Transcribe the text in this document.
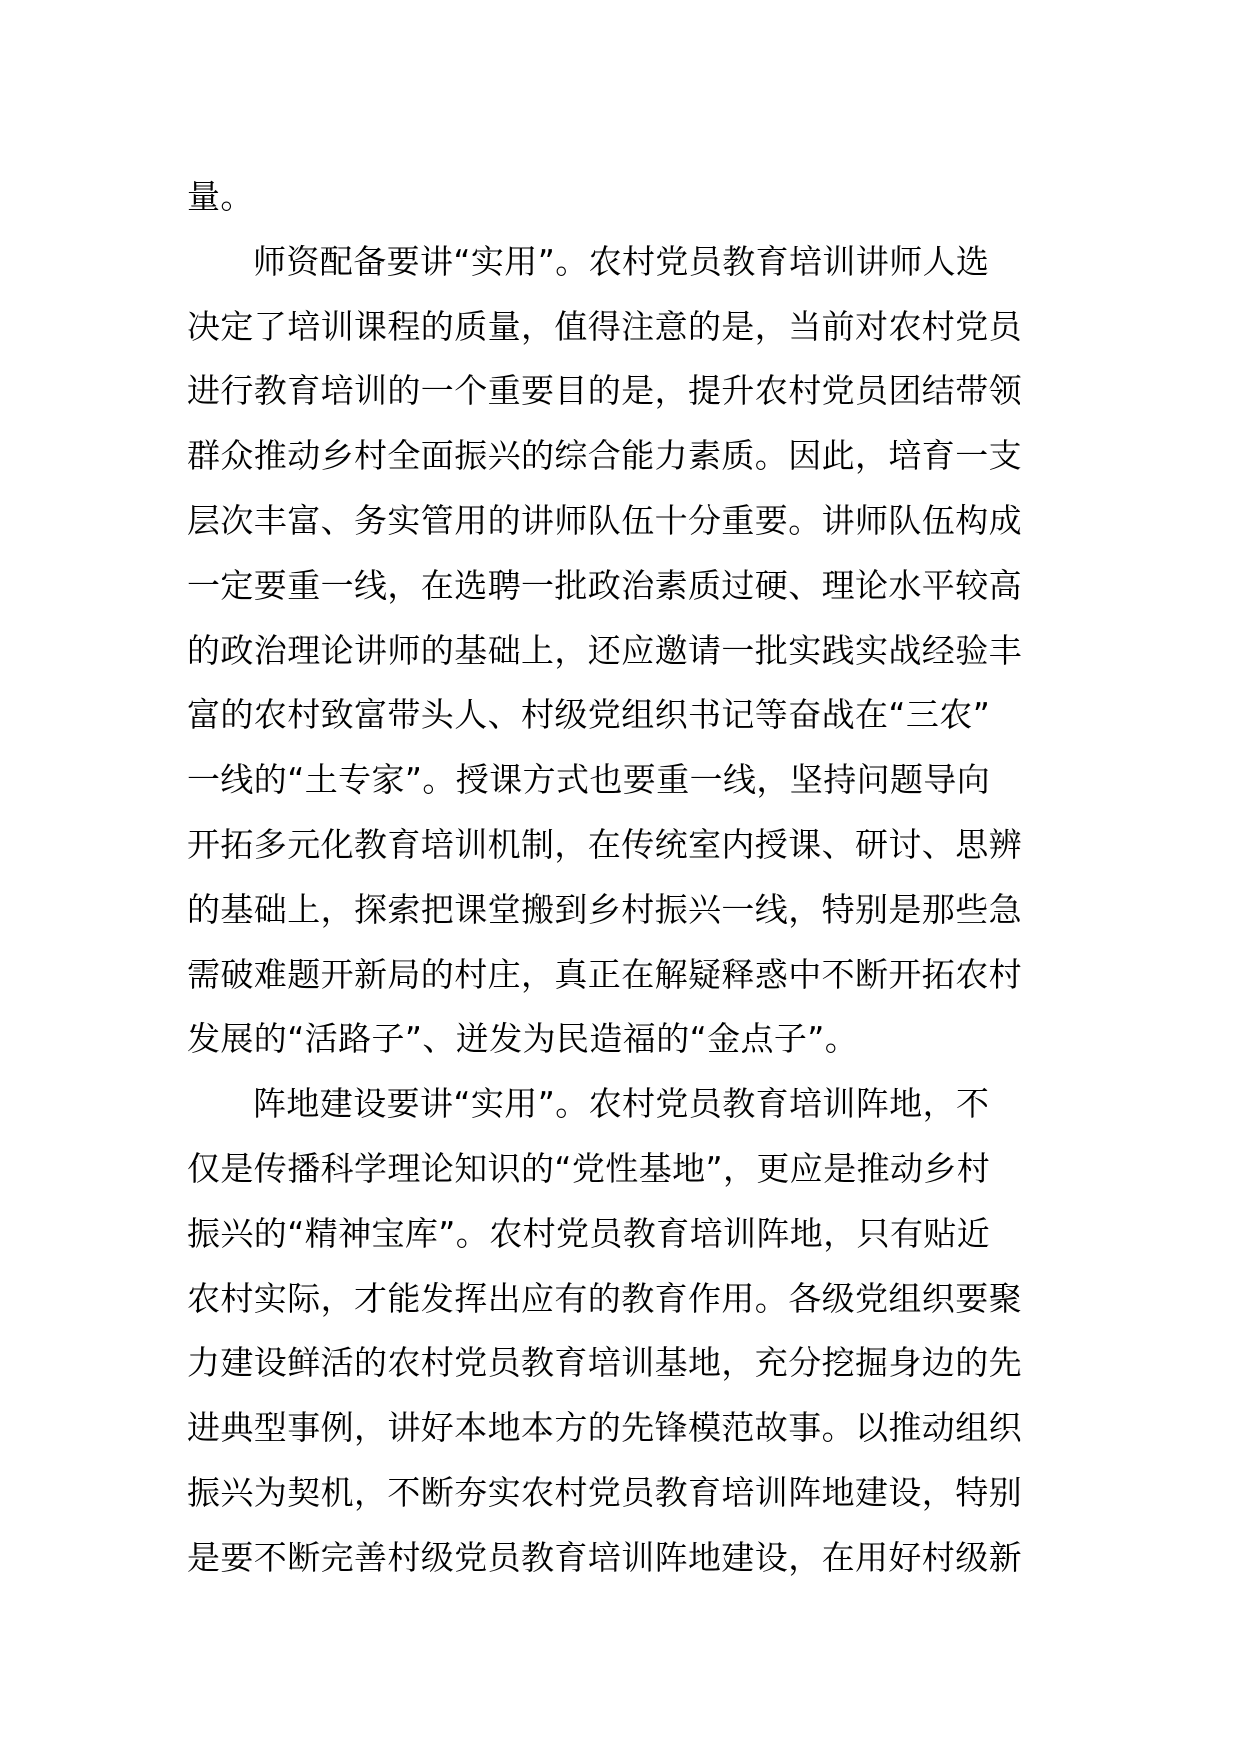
量。
师资配备要讲“实用”。农村党员教育培训讲师人选
决定了培训课程的质量，值得注意的是，当前对农村党员
进行教育培训的一个重要目的是，提升农村党员团结带领
群众推动乡村全面振兴的综合能力素质。因此，培育一支
层次丰富、务实管用的讲师队伍十分重要。讲师队伍构成
一定要重一线，在选聘一批政治素质过硬、理论水平较高
的政治理论讲师的基础上，还应邀请一批实践实战经验丰
富的农村致富带头人、村级党组织书记等奋战在“三农”
一线的“土专家”。授课方式也要重一线，坚持问题导向
开拓多元化教育培训机制，在传统室内授课、研讨、思辨
的基础上，探索把课堂搬到乡村振兴一线，特别是那些急
需破难题开新局的村庄，真正在解疑释惑中不断开拓农村
发展的“活路子”、迸发为民造福的“金点子”。
阵地建设要讲“实用”。农村党员教育培训阵地，不
仅是传播科学理论知识的“党性基地”，更应是推动乡村
振兴的“精神宝库”。农村党员教育培训阵地，只有贴近
农村实际，才能发挥出应有的教育作用。各级党组织要聚
力建设鲜活的农村党员教育培训基地，充分挖掘身边的先
进典型事例，讲好本地本方的先锋模范故事。以推动组织
振兴为契机，不断夯实农村党员教育培训阵地建设，特别
是要不断完善村级党员教育培训阵地建设，在用好村级新
